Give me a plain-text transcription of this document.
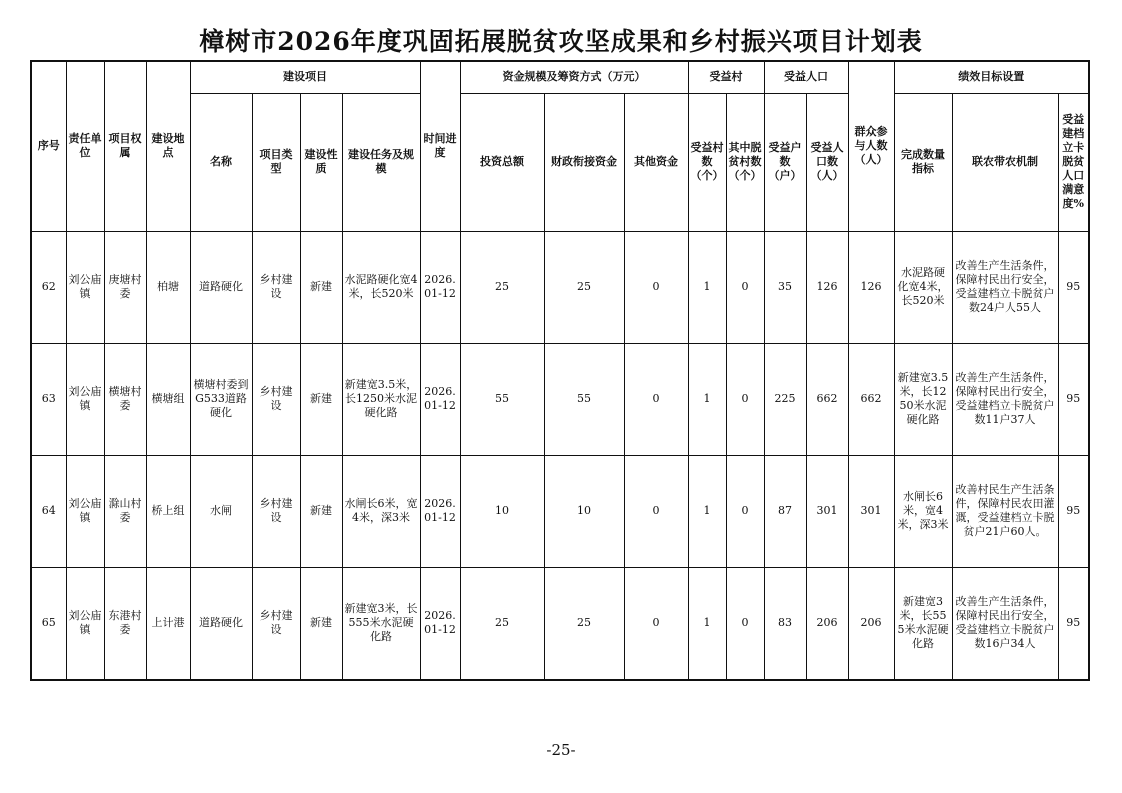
樟树市2026年度巩固拓展脱贫攻坚成果和乡村振兴项目计划表
序号	责任单位	项目权属	建设地点	建设项目				时间进度	资金规模及筹资方式（万元）			受益村		受益人口		群众参与人数（人）	绩效目标设置		
				名称	项目类型	建设性质	建设任务及规模		投资总额	财政衔接资金	其他资金	受益村数（个）	其中脱贫村数（个）	受益户数（户）	受益人口数（人）		完成数量指标	联农带农机制	受益建档立卡脱贫人口满意度%
62	刘公庙镇	庚塘村委	柏塘	道路硬化	乡村建设	新建	水泥路硬化宽4米，长520米	2026.01-12	25	25	0	1	0	35	126	126	水泥路硬化宽4米，长520米	改善生产生活条件，保障村民出行安全，受益建档立卡脱贫户数24户人55人	95
63	刘公庙镇	横塘村委	横塘组	横塘村委到G533道路硬化	乡村建设	新建	新建宽3.5米，长1250米水泥硬化路	2026.01-12	55	55	0	1	0	225	662	662	新建宽3.5米，长1250米水泥硬化路	改善生产生活条件，保障村民出行安全，受益建档立卡脱贫户数11户37人	95
64	刘公庙镇	滁山村委	桥上组	水闸	乡村建设	新建	水闸长6米，宽4米，深3米	2026.01-12	10	10	0	1	0	87	301	301	水闸长6米，宽4米，深3米	改善村民生产生活条件，保障村民农田灌溉，受益建档立卡脱贫户21户60人。	95
65	刘公庙镇	东港村委	上计港	道路硬化	乡村建设	新建	新建宽3米，长555米水泥硬化路	2026.01-12	25	25	0	1	0	83	206	206	新建宽3米，长555米水泥硬化路	改善生产生活条件，保障村民出行安全，受益建档立卡脱贫户数16户34人	95
-25-
